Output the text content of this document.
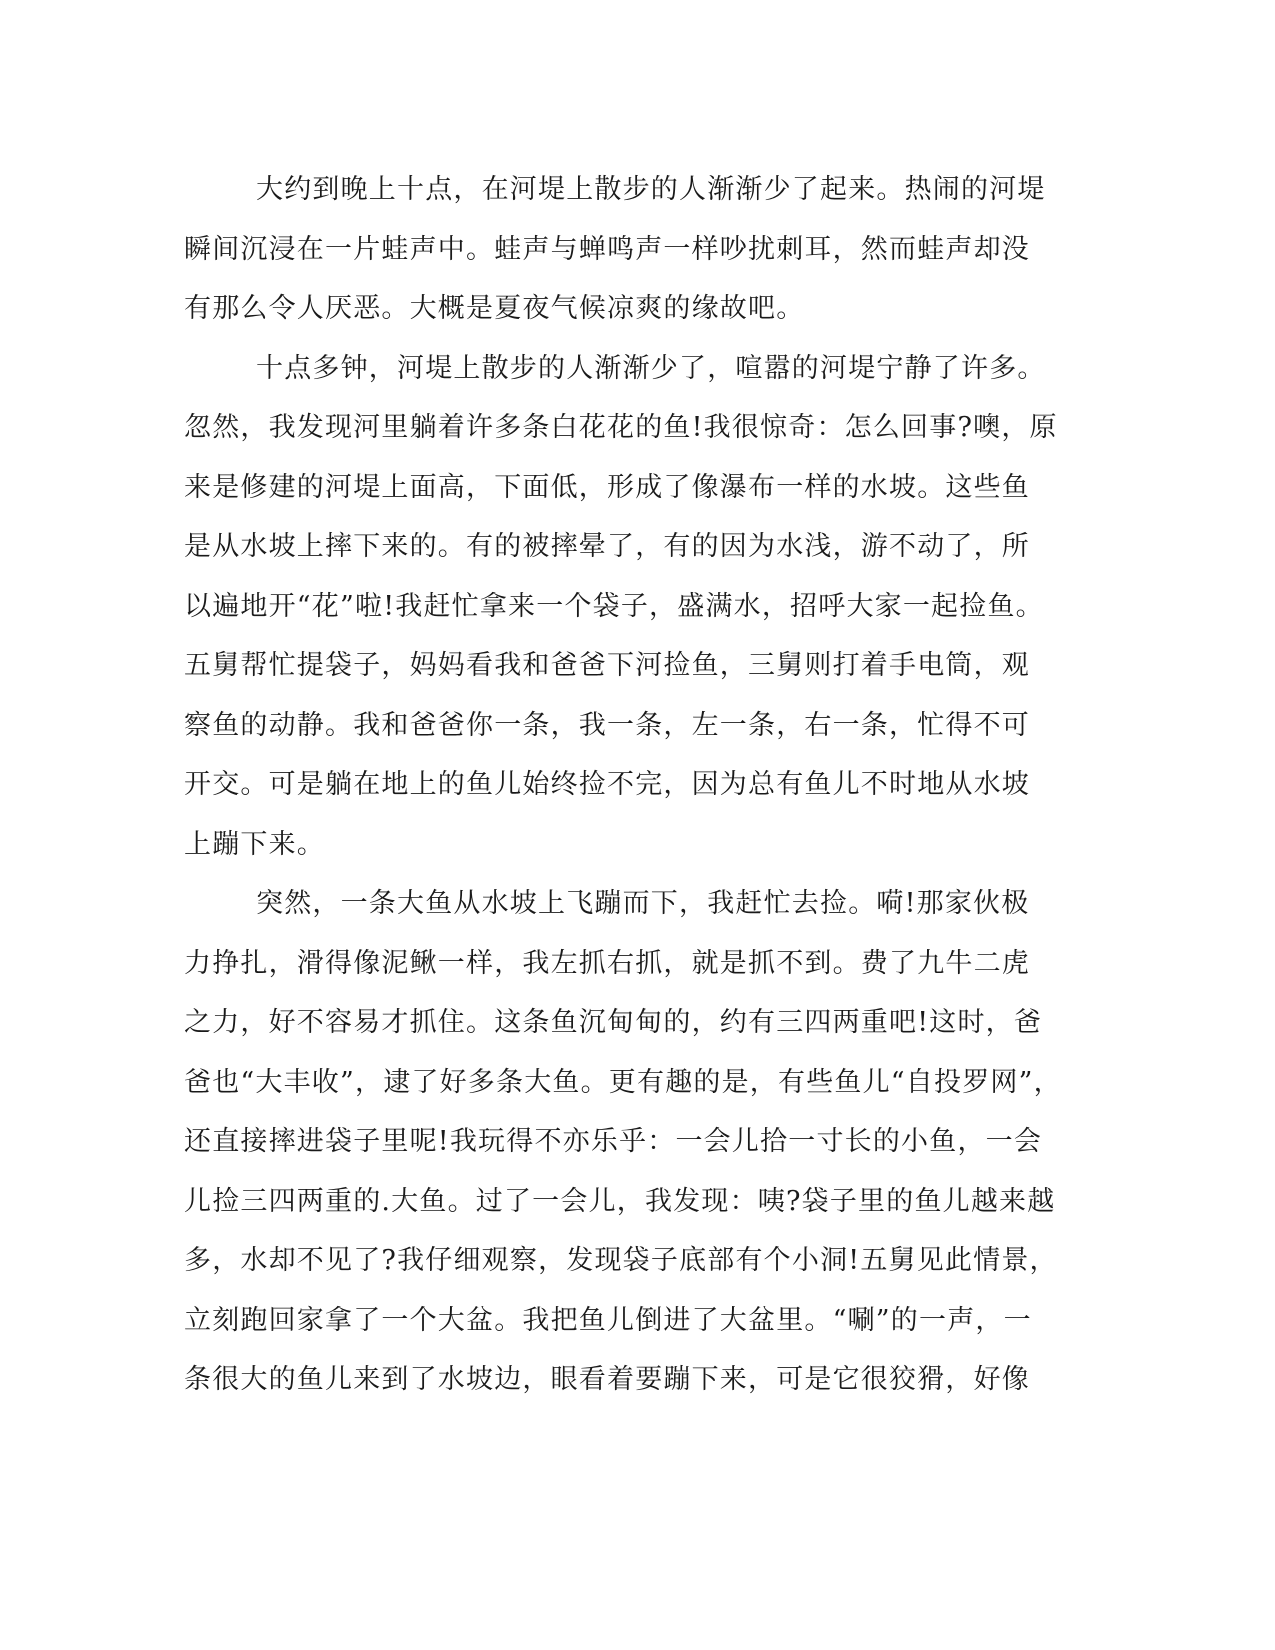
大约到晚上十点，在河堤上散步的人渐渐少了起来。热闹的河堤
瞬间沉浸在一片蛙声中。蛙声与蝉鸣声一样吵扰刺耳，然而蛙声却没
有那么令人厌恶。大概是夏夜气候凉爽的缘故吧。
十点多钟，河堤上散步的人渐渐少了，喧嚣的河堤宁静了许多。
忽然，我发现河里躺着许多条白花花的鱼!我很惊奇：怎么回事?噢，原
来是修建的河堤上面高，下面低，形成了像瀑布一样的水坡。这些鱼
是从水坡上摔下来的。有的被摔晕了，有的因为水浅，游不动了，所
以遍地开“花”啦!我赶忙拿来一个袋子，盛满水，招呼大家一起捡鱼。
五舅帮忙提袋子，妈妈看我和爸爸下河捡鱼，三舅则打着手电筒，观
察鱼的动静。我和爸爸你一条，我一条，左一条，右一条，忙得不可
开交。可是躺在地上的鱼儿始终捡不完，因为总有鱼儿不时地从水坡
上蹦下来。
突然，一条大鱼从水坡上飞蹦而下，我赶忙去捡。嗬!那家伙极
力挣扎，滑得像泥鳅一样，我左抓右抓，就是抓不到。费了九牛二虎
之力，好不容易才抓住。这条鱼沉甸甸的，约有三四两重吧!这时，爸
爸也“大丰收”，逮了好多条大鱼。更有趣的是，有些鱼儿“自投罗网”，
还直接摔进袋子里呢!我玩得不亦乐乎：一会儿拾一寸长的小鱼，一会
儿捡三四两重的.大鱼。过了一会儿，我发现：咦?袋子里的鱼儿越来越
多，水却不见了?我仔细观察，发现袋子底部有个小洞!五舅见此情景，
立刻跑回家拿了一个大盆。我把鱼儿倒进了大盆里。“唰”的一声，一
条很大的鱼儿来到了水坡边，眼看着要蹦下来，可是它很狡猾，好像
